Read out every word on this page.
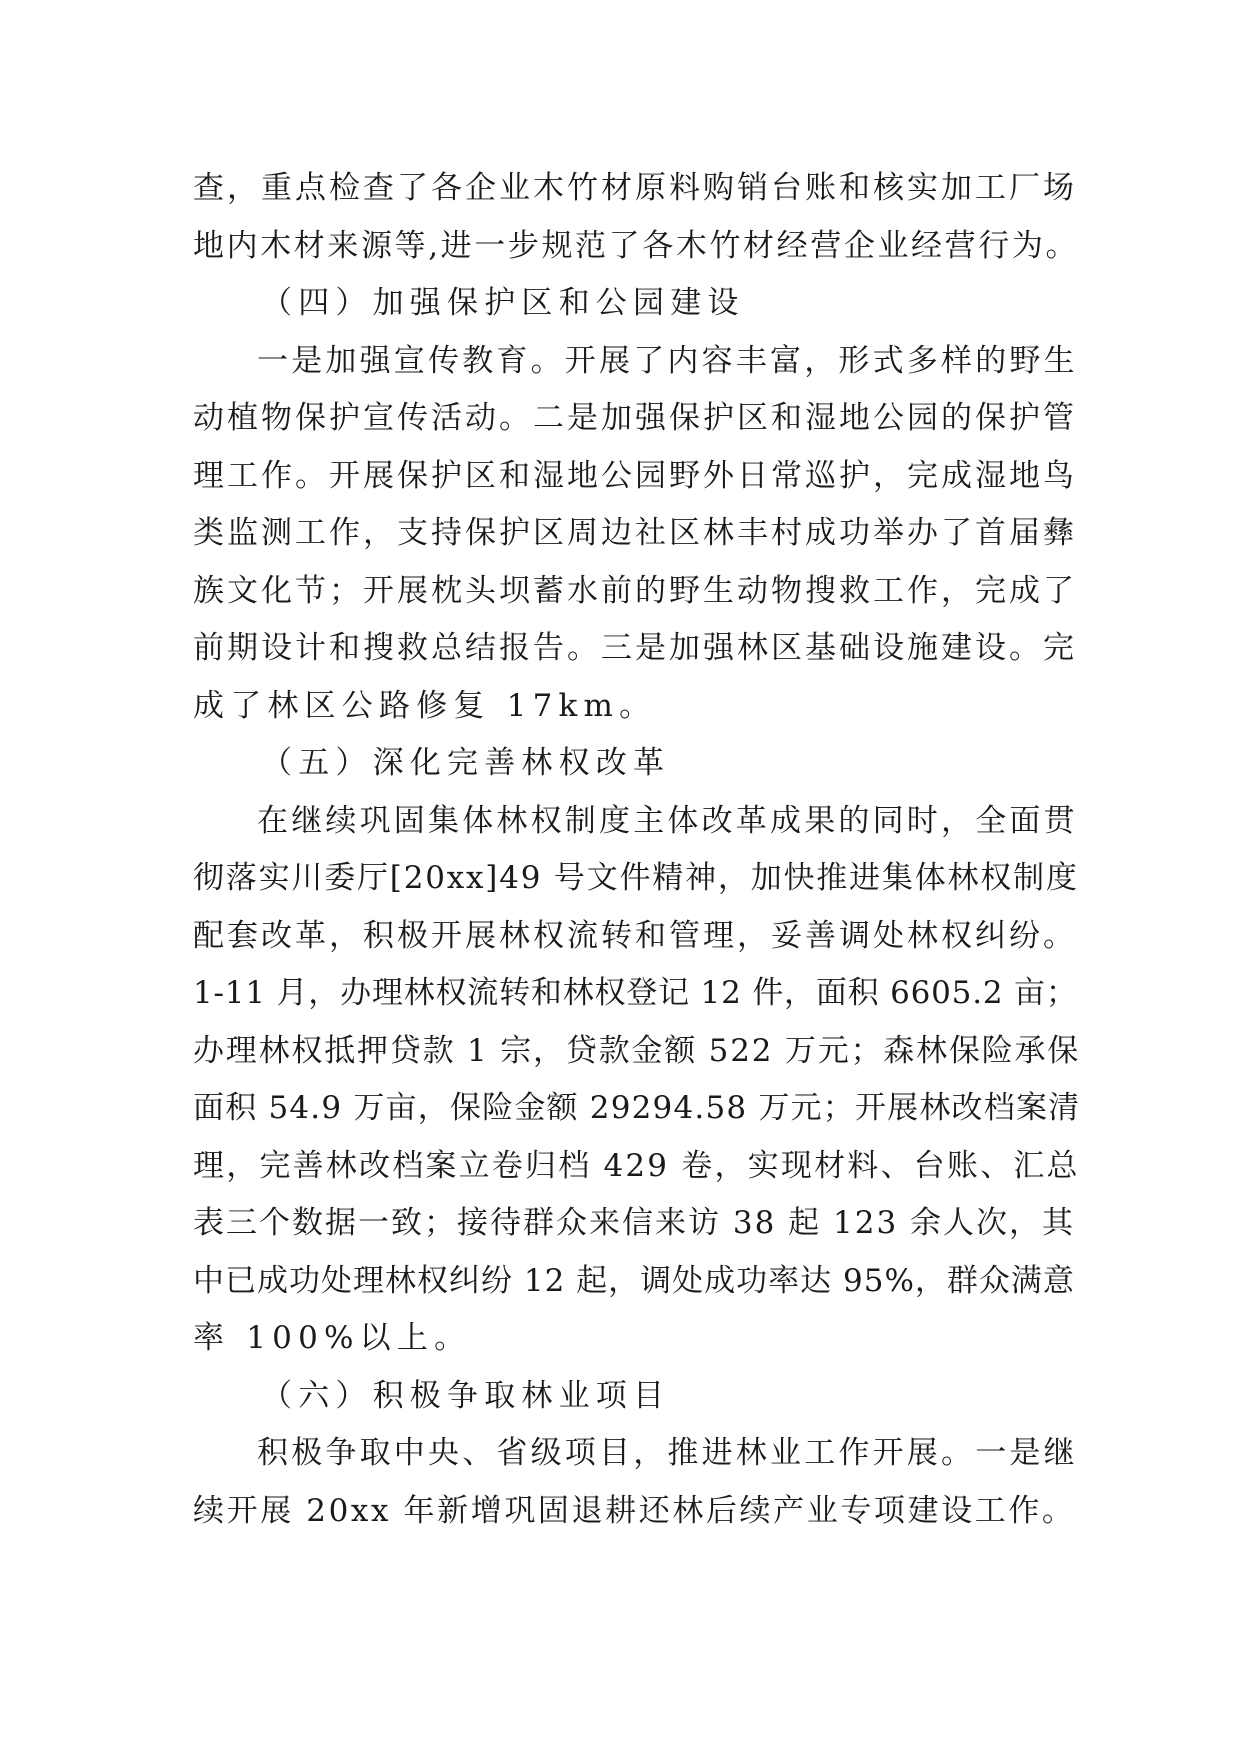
查，重点检查了各企业木竹材原料购销台账和核实加工厂场
地内木材来源等,进一步规范了各木竹材经营企业经营行为。
（四）加强保护区和公园建设
一是加强宣传教育。开展了内容丰富，形式多样的野生
动植物保护宣传活动。二是加强保护区和湿地公园的保护管
理工作。开展保护区和湿地公园野外日常巡护，完成湿地鸟
类监测工作，支持保护区周边社区林丰村成功举办了首届彝
族文化节；开展枕头坝蓄水前的野生动物搜救工作，完成了
前期设计和搜救总结报告。三是加强林区基础设施建设。完
成了林区公路修复 17km。
（五）深化完善林权改革
在继续巩固集体林权制度主体改革成果的同时，全面贯
彻落实川委厅[20xx]49 号文件精神，加快推进集体林权制度
配套改革，积极开展林权流转和管理，妥善调处林权纠纷。
1-11 月，办理林权流转和林权登记 12 件，面积 6605.2 亩；
办理林权抵押贷款 1 宗，贷款金额 522 万元；森林保险承保
面积 54.9 万亩，保险金额 29294.58 万元；开展林改档案清
理，完善林改档案立卷归档 429 卷，实现材料、台账、汇总
表三个数据一致；接待群众来信来访 38 起 123 余人次，其
中已成功处理林权纠纷 12 起，调处成功率达 95%，群众满意
率 100%以上。
（六）积极争取林业项目
积极争取中央、省级项目，推进林业工作开展。一是继
续开展 20xx 年新增巩固退耕还林后续产业专项建设工作。
